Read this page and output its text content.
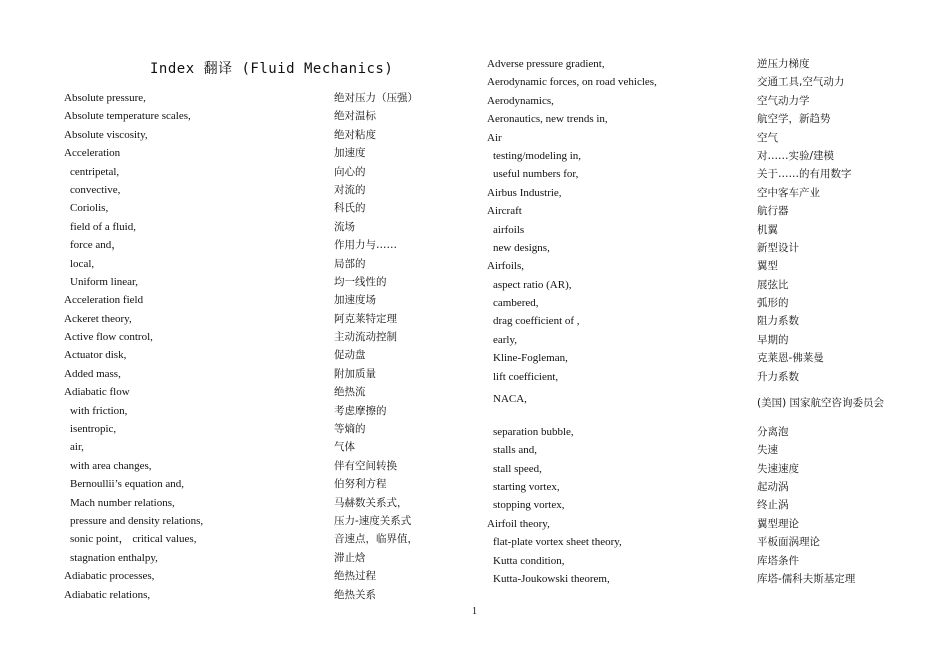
Index 翻译 (Fluid Mechanics)
Absolute pressure,	绝对压力（压强）
Absolute temperature scales,	绝对温标
Absolute viscosity,	绝对粘度
Acceleration	加速度
centripetal,	向心的
convective,	对流的
Coriolis,	科氏的
field of a fluid,	流场
force and，	作用力与……
local,	局部的
Uniform linear,	均一线性的
Acceleration field	加速度场
Ackeret theory,	阿克莱特定理
Active flow control,	主动流动控制
Actuator disk,	促动盘
Added mass,	附加质量
Adiabatic flow	绝热流
with friction,	考虑摩擦的
isentropic,	等熵的
air,	气体
with area changes,	伴有空间转换
Bernoullii’s equation and,	伯努利方程
Mach number relations,	马赫数关系式，
pressure and density relations,	压力-速度关系式
sonic point， critical values,	音速点，临界值，
stagnation enthalpy,	滞止焓
Adiabatic processes,	绝热过程
Adiabatic relations,	绝热关系
Adverse pressure gradient,	逆压力梯度
Aerodynamic forces, on road vehicles,	交通工具,空气动力
Aerodynamics,	空气动力学
Aeronautics, new trends in,	航空学，新趋势
Air	空气
testing/modeling in,	对……实验/建模
useful numbers for,	关于……的有用数字
Airbus Industrie,	空中客车产业
Aircraft	航行器
airfoils	机翼
new designs,	新型设计
Airfoils,	翼型
aspect ratio (AR),	展弦比
cambered,	弧形的
drag coefficient of ,	阻力系数
early,	早期的
Kline-Fogleman,	克莱恩-佛莱曼
lift coefficient,	升力系数
NACA,	(美国) 国家航空咨询委员会
separation bubble,	分离泡
stalls and,	失速
stall speed,	失速速度
starting vortex,	起动涡
stopping vortex,	终止涡
Airfoil theory,	翼型理论
flat-plate vortex sheet theory,	平板面涡理论
Kutta condition,	库塔条件
Kutta-Joukowski theorem,	库塔-儒科夫斯基定理
1
